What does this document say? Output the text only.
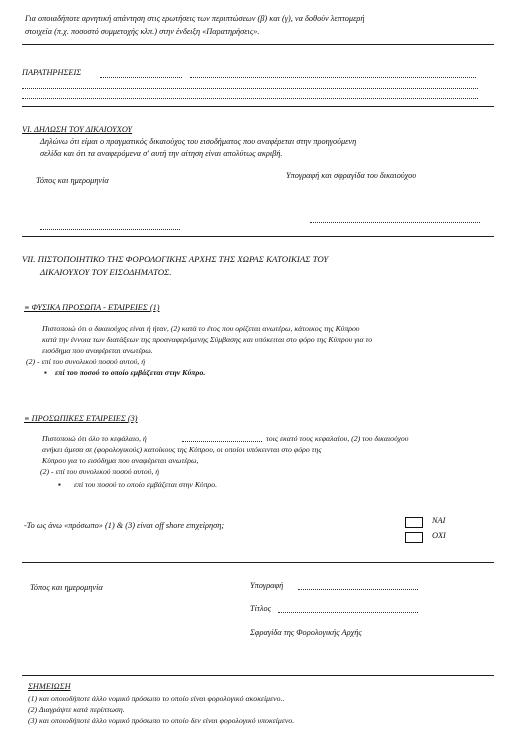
Για οποιαδήποτε αρνητική απάντηση στις ερωτήσεις των περιπτώσεων (β) και (γ), να δοθούν λεπτομερή
στοιχεία (π.χ. ποσοστό συμμετοχής κλπ.) στην ένδειξη «Παρατηρήσεις».
ΠΑΡΑΤΗΡΗΣΕΙΣ
VI. ΔΗΛΩΣΗ ΤΟΥ ΔΙΚΑΙΟΥΧΟΥ
Δηλώνω ότι είμαι ο πραγματικός δικαιούχος του εισοδήματος που αναφέρεται στην προηγούμενη
σελίδα και ότι τα αναφερόμενα σ' αυτή την αίτηση είναι απολύτως ακριβή.
Τόπος και ημερομηνία
Υπογραφή και σφραγίδα του δικαιούχου
VII. ΠΙΣΤΟΠΟΙΗΤΙΚΟ ΤΗΣ ΦΟΡΟΛΟΓΙΚΗΣ ΑΡΧΗΣ ΤΗΣ ΧΩΡΑΣ ΚΑΤΟΙΚΙΑΣ ΤΟΥ
ΔΙΚΑΙΟΥΧΟΥ ΤΟΥ ΕΙΣΟΔΗΜΑΤΟΣ.
≡ ΦΥΣΙΚΑ ΠΡΟΣΩΠΑ - ΕΤΑΙΡΕΙΕΣ (1)
Πιστοποιώ ότι ο δικαιούχος είναι ή ήταν, (2) κατά το έτος που ορίζεται ανωτέρω, κάτοικος της Κύπρου
κατά την έννοια των διατάξεων της προαναφερόμενης Σύμβασης και υπόκειται στο φόρο της Κύπρου για το
εισόδημα που αναφέρεται ανωτέρω.
(2) - επί του συνολικού ποσού αυτού, ή
▪ επί του ποσού το οποίο εμβάζεται στην Κύπρο.
≡ ΠΡΟΣΩΠΙΚΕΣ ΕΤΑΙΡΕΙΕΣ (3)
Πιστοποιώ ότι όλο το κεφάλαιο, ή	τοις εκατό τους κεφαλαίου, (2) του δικαιούχου
ανήκει άμεσα σε (φορολογικούς) κατοίκους της Κύπρου, οι οποίοι υπόκεινται στο φόρο της
Κύπρου για το εισόδημα που αναφέρεται ανωτέρω,
(2) - επί του συνολικού ποσού αυτού, ή
▪ επί του ποσού το οποίο εμβάζεται στην Κύπρο.
-Το ως άνω «πρόσωπο» (1) & (3) είναι off shore επιχείρηση;
ΝΑΙ
ΟΧΙ
Τόπος και ημερομηνία	Υπογραφή
Τίτλος
Σφραγίδα της Φορολογικής Αρχής
ΣΗΜΕΙΩΣΗ
(1) και οποιοδήποτε άλλο νομικό πρόσωπο το οποίο είναι φορολογικό ακοκείμενο..
(2) Διαγράψτε κατά περίπτωση.
(3) και οποιοδήποτε άλλο νομικό πρόσωπο το οποίο δεν είναι φορολογικό υποκείμενο.
